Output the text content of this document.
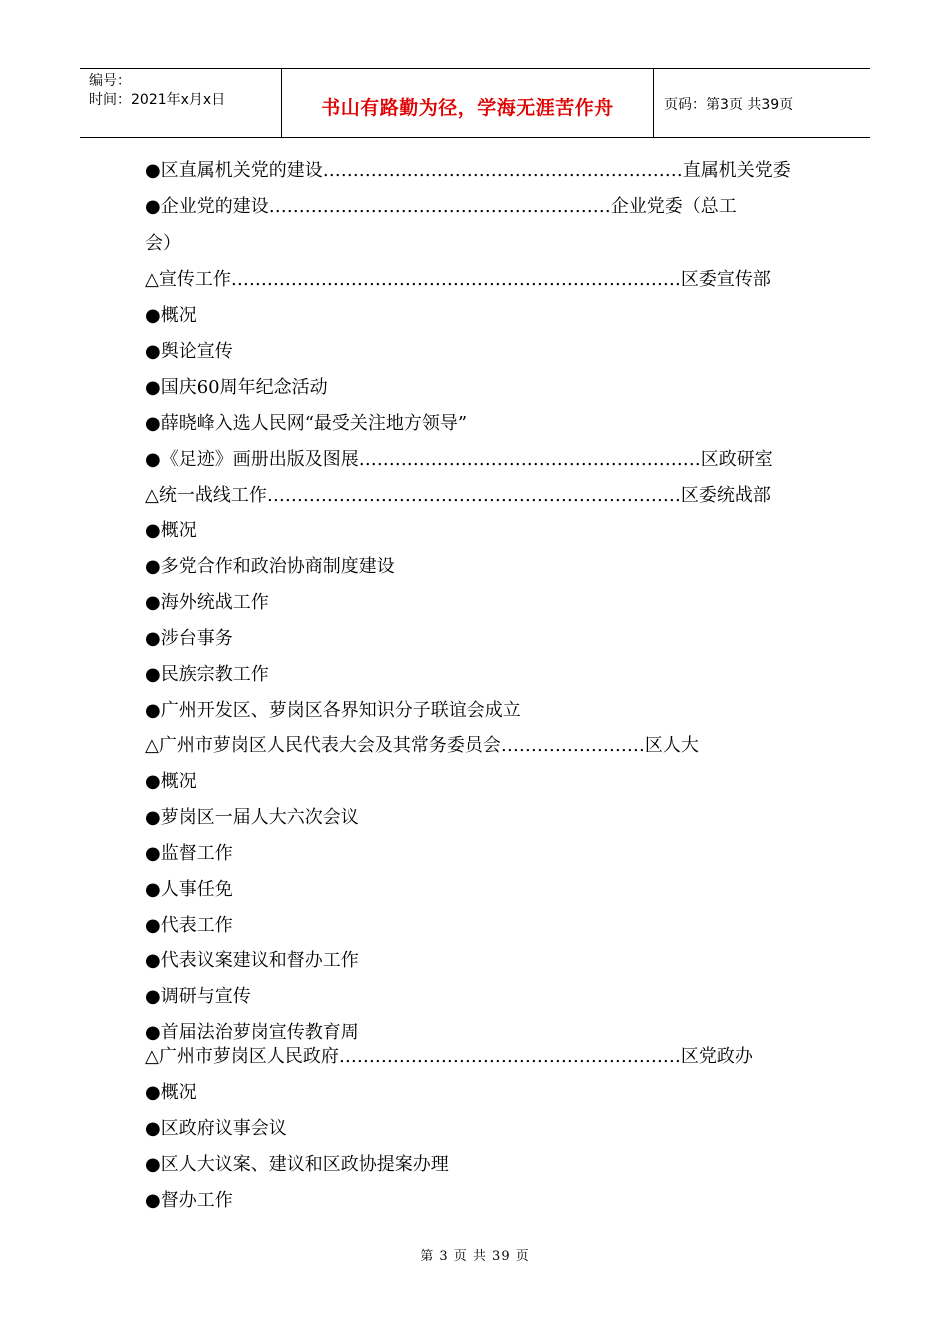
编号：
时间：2021年x月x日	书山有路勤为径，学海无涯苦作舟	页码：第3页 共39页
●区直属机关党的建设……………………………………………………直属机关党委
●企业党的建设…………………………………………………企业党委（总工
会）
△宣传工作…………………………………………………………………区委宣传部
●概况
●舆论宣传
●国庆60周年纪念活动
●薛晓峰入选人民网“最受关注地方领导”
●《足迹》画册出版及图展…………………………………………………区政研室
△统一战线工作……………………………………………………………区委统战部
●概况
●多党合作和政治协商制度建设
●海外统战工作
●涉台事务
●民族宗教工作
●广州开发区、萝岗区各界知识分子联谊会成立
△广州市萝岗区人民代表大会及其常务委员会……………………区人大
●概况
●萝岗区一届人大六次会议
●监督工作
●人事任免
●代表工作
●代表议案建议和督办工作
●调研与宣传
●首届法治萝岗宣传教育周
△广州市萝岗区人民政府…………………………………………………区党政办
●概况
●区政府议事会议
●区人大议案、建议和区政协提案办理
●督办工作
第 3 页 共 39 页
